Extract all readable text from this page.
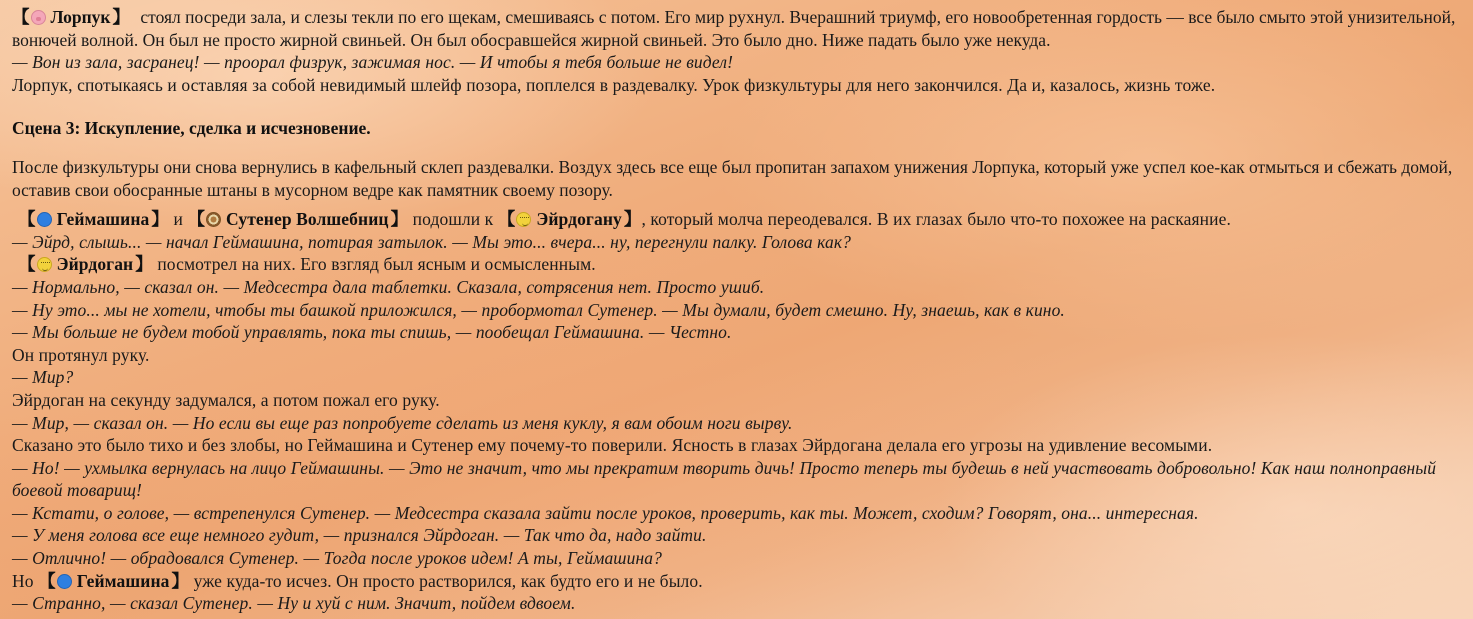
【 Лорпук 】 стоял посреди зала, и слезы текли по его щекам, смешиваясь с потом. Его мир рухнул. Вчерашний триумф, его новообретенная гордость — все было смыто этой унизительной, вонючей волной. Он был не просто жирной свиньей. Он был обосравшейся жирной свиньей. Это было дно. Ниже падать было уже некуда.

— Вон из зала, засранец! — проорал физрук, зажимая нос. — И чтобы я тебя больше не видел!

Лорпук, спотыкаясь и оставляя за собой невидимый шлейф позора, поплелся в раздевалку. Урок физкультуры для него закончился. Да и, казалось, жизнь тоже.

Сцена 3: Искупление, сделка и исчезновение.

После физкультуры они снова вернулись в кафельный склеп раздевалки. Воздух здесь все еще был пропитан запахом унижения Лорпука, который уже успел кое-как отмыться и сбежать домой, оставив свои обосранные штаны в мусорном ведре как памятник своему позору.

【 Геймашина 】 и 【 Сутенер Волшебниц 】 подошли к 【 Эйрдогану 】, который молча переодевался. В их глазах было что-то похожее на раскаяние.

— Эйрд, слышь... — начал Геймашина, потирая затылок. — Мы это... вчера... ну, перегнули палку. Голова как?

【 Эйрдоган 】 посмотрел на них. Его взгляд был ясным и осмысленным.

— Нормально, — сказал он. — Медсестра дала таблетки. Сказала, сотрясения нет. Просто ушиб.

— Ну это... мы не хотели, чтобы ты башкой приложился, — пробормотал Сутенер. — Мы думали, будет смешно. Ну, знаешь, как в кино.

— Мы больше не будем тобой управлять, пока ты спишь, — пообещал Геймашина. — Честно.

Он протянул руку.

— Мир?

Эйрдоган на секунду задумался, а потом пожал его руку.

— Мир, — сказал он. — Но если вы еще раз попробуете сделать из меня куклу, я вам обоим ноги вырву.

Сказано это было тихо и без злобы, но Геймашина и Сутенер ему почему-то поверили. Ясность в глазах Эйрдогана делала его угрозы на удивление весомыми.

— Но! — ухмылка вернулась на лицо Геймашины. — Это не значит, что мы прекратим творить дичь! Просто теперь ты будешь в ней участвовать добровольно! Как наш полноправный боевой товарищ!

— Кстати, о голове, — встрепенулся Сутенер. — Медсестра сказала зайти после уроков, проверить, как ты. Может, сходим? Говорят, она... интересная.

— У меня голова все еще немного гудит, — признался Эйрдоган. — Так что да, надо зайти.

— Отлично! — обрадовался Сутенер. — Тогда после уроков идем! А ты, Геймашина?

Но 【 Геймашина 】 уже куда-то исчез. Он просто растворился, как будто его и не было.

— Странно, — сказал Сутенер. — Ну и хуй с ним. Значит, пойдем вдвоем.
